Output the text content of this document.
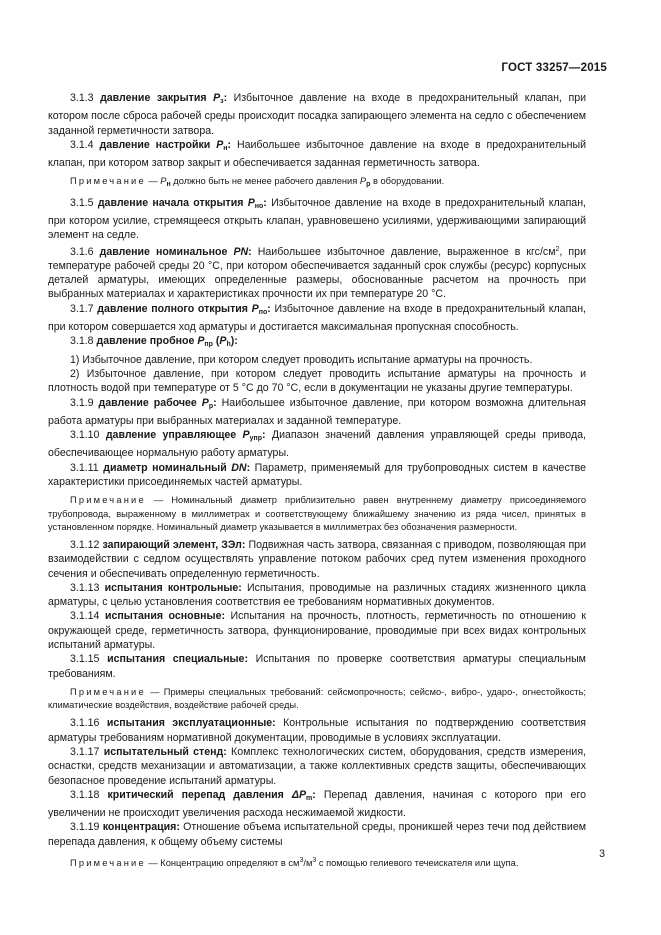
ГОСТ 33257—2015

3.1.3 давление закрытия $P_з$: Избыточное давление на входе в предохранительный клапан, при котором после сброса рабочей среды происходит посадка запирающего элемента на седло с обеспечением заданной герметичности затвора.

3.1.4 давление настройки $P_н$: Наибольшее избыточное давление на входе в предохранительный клапан, при котором затвор закрыт и обеспечивается заданная герметичность затвора.

Примечание — $P_н$ должно быть не менее рабочего давления $P_р$ в оборудовании.

3.1.5 давление начала открытия $P_{но}$: Избыточное давление на входе в предохранительный клапан, при котором усилие, стремящееся открыть клапан, уравновешено усилиями, удерживающими запирающий элемент на седле.

3.1.6 давление номинальное PN: Наибольшее избыточное давление, выраженное в кгс/$см^2$, при температуре рабочей среды 20 °С, при котором обеспечивается заданный срок службы (ресурс) корпусных деталей арматуры, имеющих определенные размеры, обоснованные расчетом на прочность при выбранных материалах и характеристиках прочности их при температуре 20 °С.

3.1.7 давление полного открытия $P_{по}$: Избыточное давление на входе в предохранительный клапан, при котором совершается ход арматуры и достигается максимальная пропускная способность.

3.1.8 давление пробное $P_{пр}$ $(P_h)$:

1) Избыточное давление, при котором следует проводить испытание арматуры на прочность.

2) Избыточное давление, при котором следует проводить испытание арматуры на прочность и плотность водой при температуре от 5 °С до 70 °С, если в документации не указаны другие температуры.

3.1.9 давление рабочее $P_р$: Наибольшее избыточное давление, при котором возможна длительная работа арматуры при выбранных материалах и заданной температуре.

3.1.10 давление управляющее $P_{упр}$: Диапазон значений давления управляющей среды привода, обеспечивающее нормальную работу арматуры.

3.1.11 диаметр номинальный DN: Параметр, применяемый для трубопроводных систем в качестве характеристики присоединяемых частей арматуры.

Примечание — Номинальный диаметр приблизительно равен внутреннему диаметру присоединяемого трубопровода, выраженному в миллиметрах и соответствующему ближайшему значению из ряда чисел, принятых в установленном порядке. Номинальный диаметр указывается в миллиметрах без обозначения размерности.

3.1.12 запирающий элемент, ЗЭл: Подвижная часть затвора, связанная с приводом, позволяющая при взаимодействии с седлом осуществлять управление потоком рабочих сред путем изменения проходного сечения и обеспечивать определенную герметичность.

3.1.13 испытания контрольные: Испытания, проводимые на различных стадиях жизненного цикла арматуры, с целью установления соответствия ее требованиям нормативных документов.

3.1.14 испытания основные: Испытания на прочность, плотность, герметичность по отношению к окружающей среде, герметичность затвора, функционирование, проводимые при всех видах контрольных испытаний арматуры.

3.1.15 испытания специальные: Испытания по проверке соответствия арматуры специальным требованиям.

Примечание — Примеры специальных требований: сейсмопрочность; сейсмо-, вибро-, ударо-, огнестойкость; климатические воздействия, воздействие рабочей среды.

3.1.16 испытания эксплуатационные: Контрольные испытания по подтверждению соответствия арматуры требованиям нормативной документации, проводимые в условиях эксплуатации.

3.1.17 испытательный стенд: Комплекс технологических систем, оборудования, средств измерения, оснастки, средств механизации и автоматизации, а также коллективных средств защиты, обеспечивающих безопасное проведение испытаний арматуры.

3.1.18 критический перепад давления $\Delta P_m$: Перепад давления, начиная с которого при его увеличении не происходит увеличения расхода несжимаемой жидкости.

3.1.19 концентрация: Отношение объема испытательной среды, проникшей через течи под действием перепада давления, к общему объему системы

Примечание — Концентрацию определяют в $см^3/м^3$ с помощью гелиевого течеискателя или щупа.

3
